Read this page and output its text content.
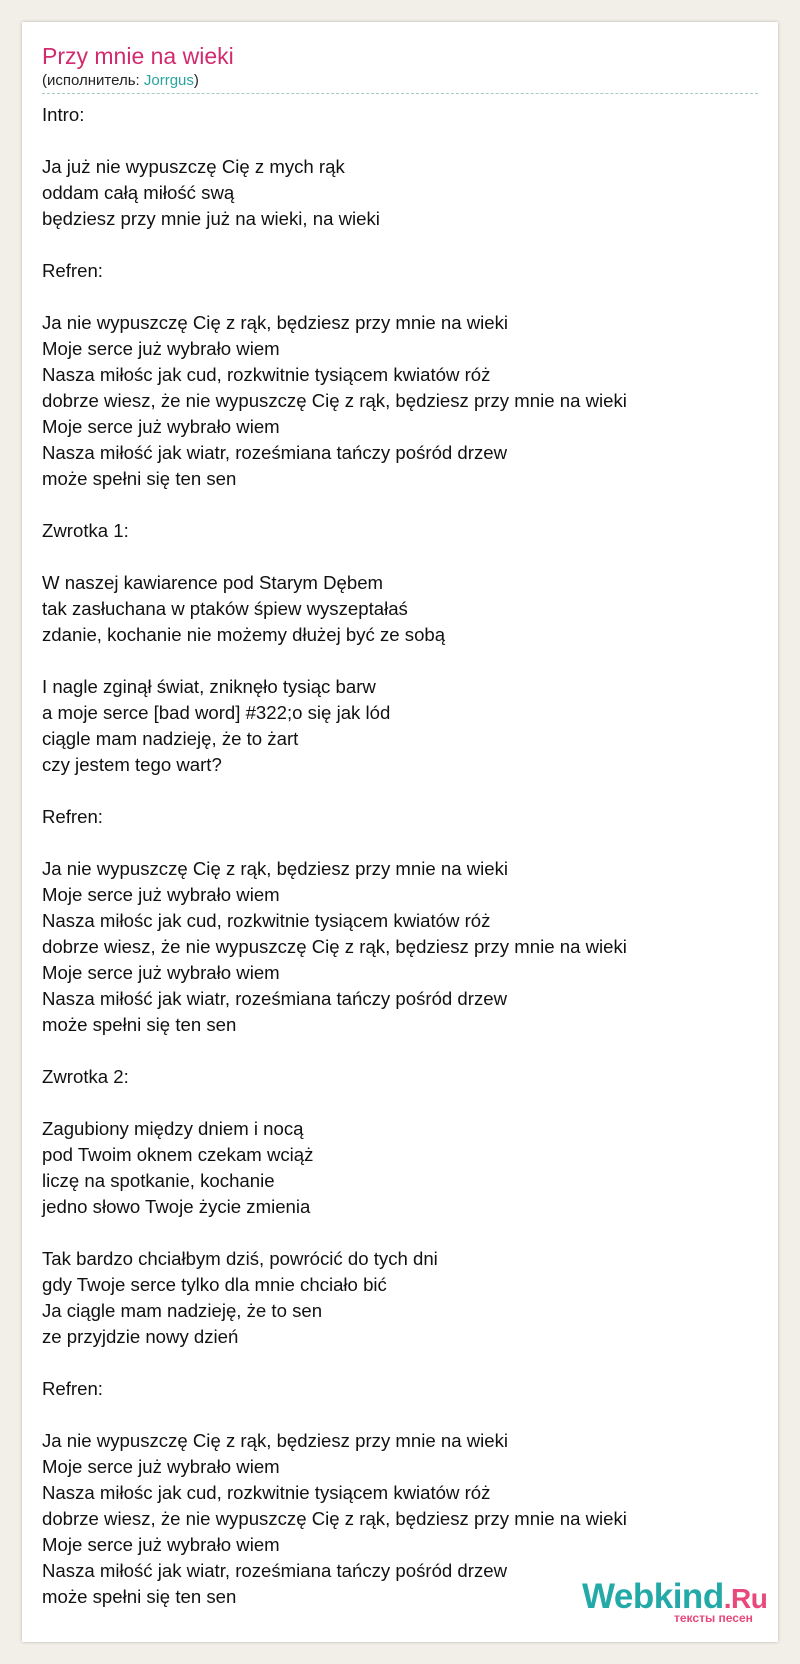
Przy mnie na wieki
(исполнитель: Jorrgus)
Intro:
Ja już nie wypuszczę Cię z mych rąk
oddam całą miłość swą
będziesz przy mnie już na wieki, na wieki
Refren:
Ja nie wypuszczę Cię z rąk, będziesz przy mnie na wieki
Moje serce już wybrało wiem
Nasza miłośc jak cud, rozkwitnie tysiącem kwiatów róż
dobrze wiesz, że nie wypuszczę Cię z rąk, będziesz przy mnie na wieki
Moje serce już wybrało wiem
Nasza miłość jak wiatr, roześmiana tańczy pośród drzew
może spełni się ten sen
Zwrotka 1:
W naszej kawiarence pod Starym Dębem
tak zasłuchana w ptaków śpiew wyszeptałaś
zdanie, kochanie nie możemy dłużej być ze sobą
I nagle zginął świat, zniknęło tysiąc barw
a moje serce [bad word] #322;o się jak lód
ciągle mam nadzieję, że to żart
czy jestem tego wart?
Refren:
Ja nie wypuszczę Cię z rąk, będziesz przy mnie na wieki
Moje serce już wybrało wiem
Nasza miłośc jak cud, rozkwitnie tysiącem kwiatów róż
dobrze wiesz, że nie wypuszczę Cię z rąk, będziesz przy mnie na wieki
Moje serce już wybrało wiem
Nasza miłość jak wiatr, roześmiana tańczy pośród drzew
może spełni się ten sen
Zwrotka 2:
Zagubiony między dniem i nocą
pod Twoim oknem czekam wciąż
liczę na spotkanie, kochanie
jedno słowo Twoje życie zmienia
Tak bardzo chciałbym dziś, powrócić do tych dni
gdy Twoje serce tylko dla mnie chciało bić
Ja ciągle mam nadzieję, że to sen
ze przyjdzie nowy dzień
Refren:
Ja nie wypuszczę Cię z rąk, będziesz przy mnie na wieki
Moje serce już wybrało wiem
Nasza miłośc jak cud, rozkwitnie tysiącem kwiatów róż
dobrze wiesz, że nie wypuszczę Cię z rąk, będziesz przy mnie na wieki
Moje serce już wybrało wiem
Nasza miłość jak wiatr, roześmiana tańczy pośród drzew
może spełni się ten sen	Webkind.Ru
тексты песен
